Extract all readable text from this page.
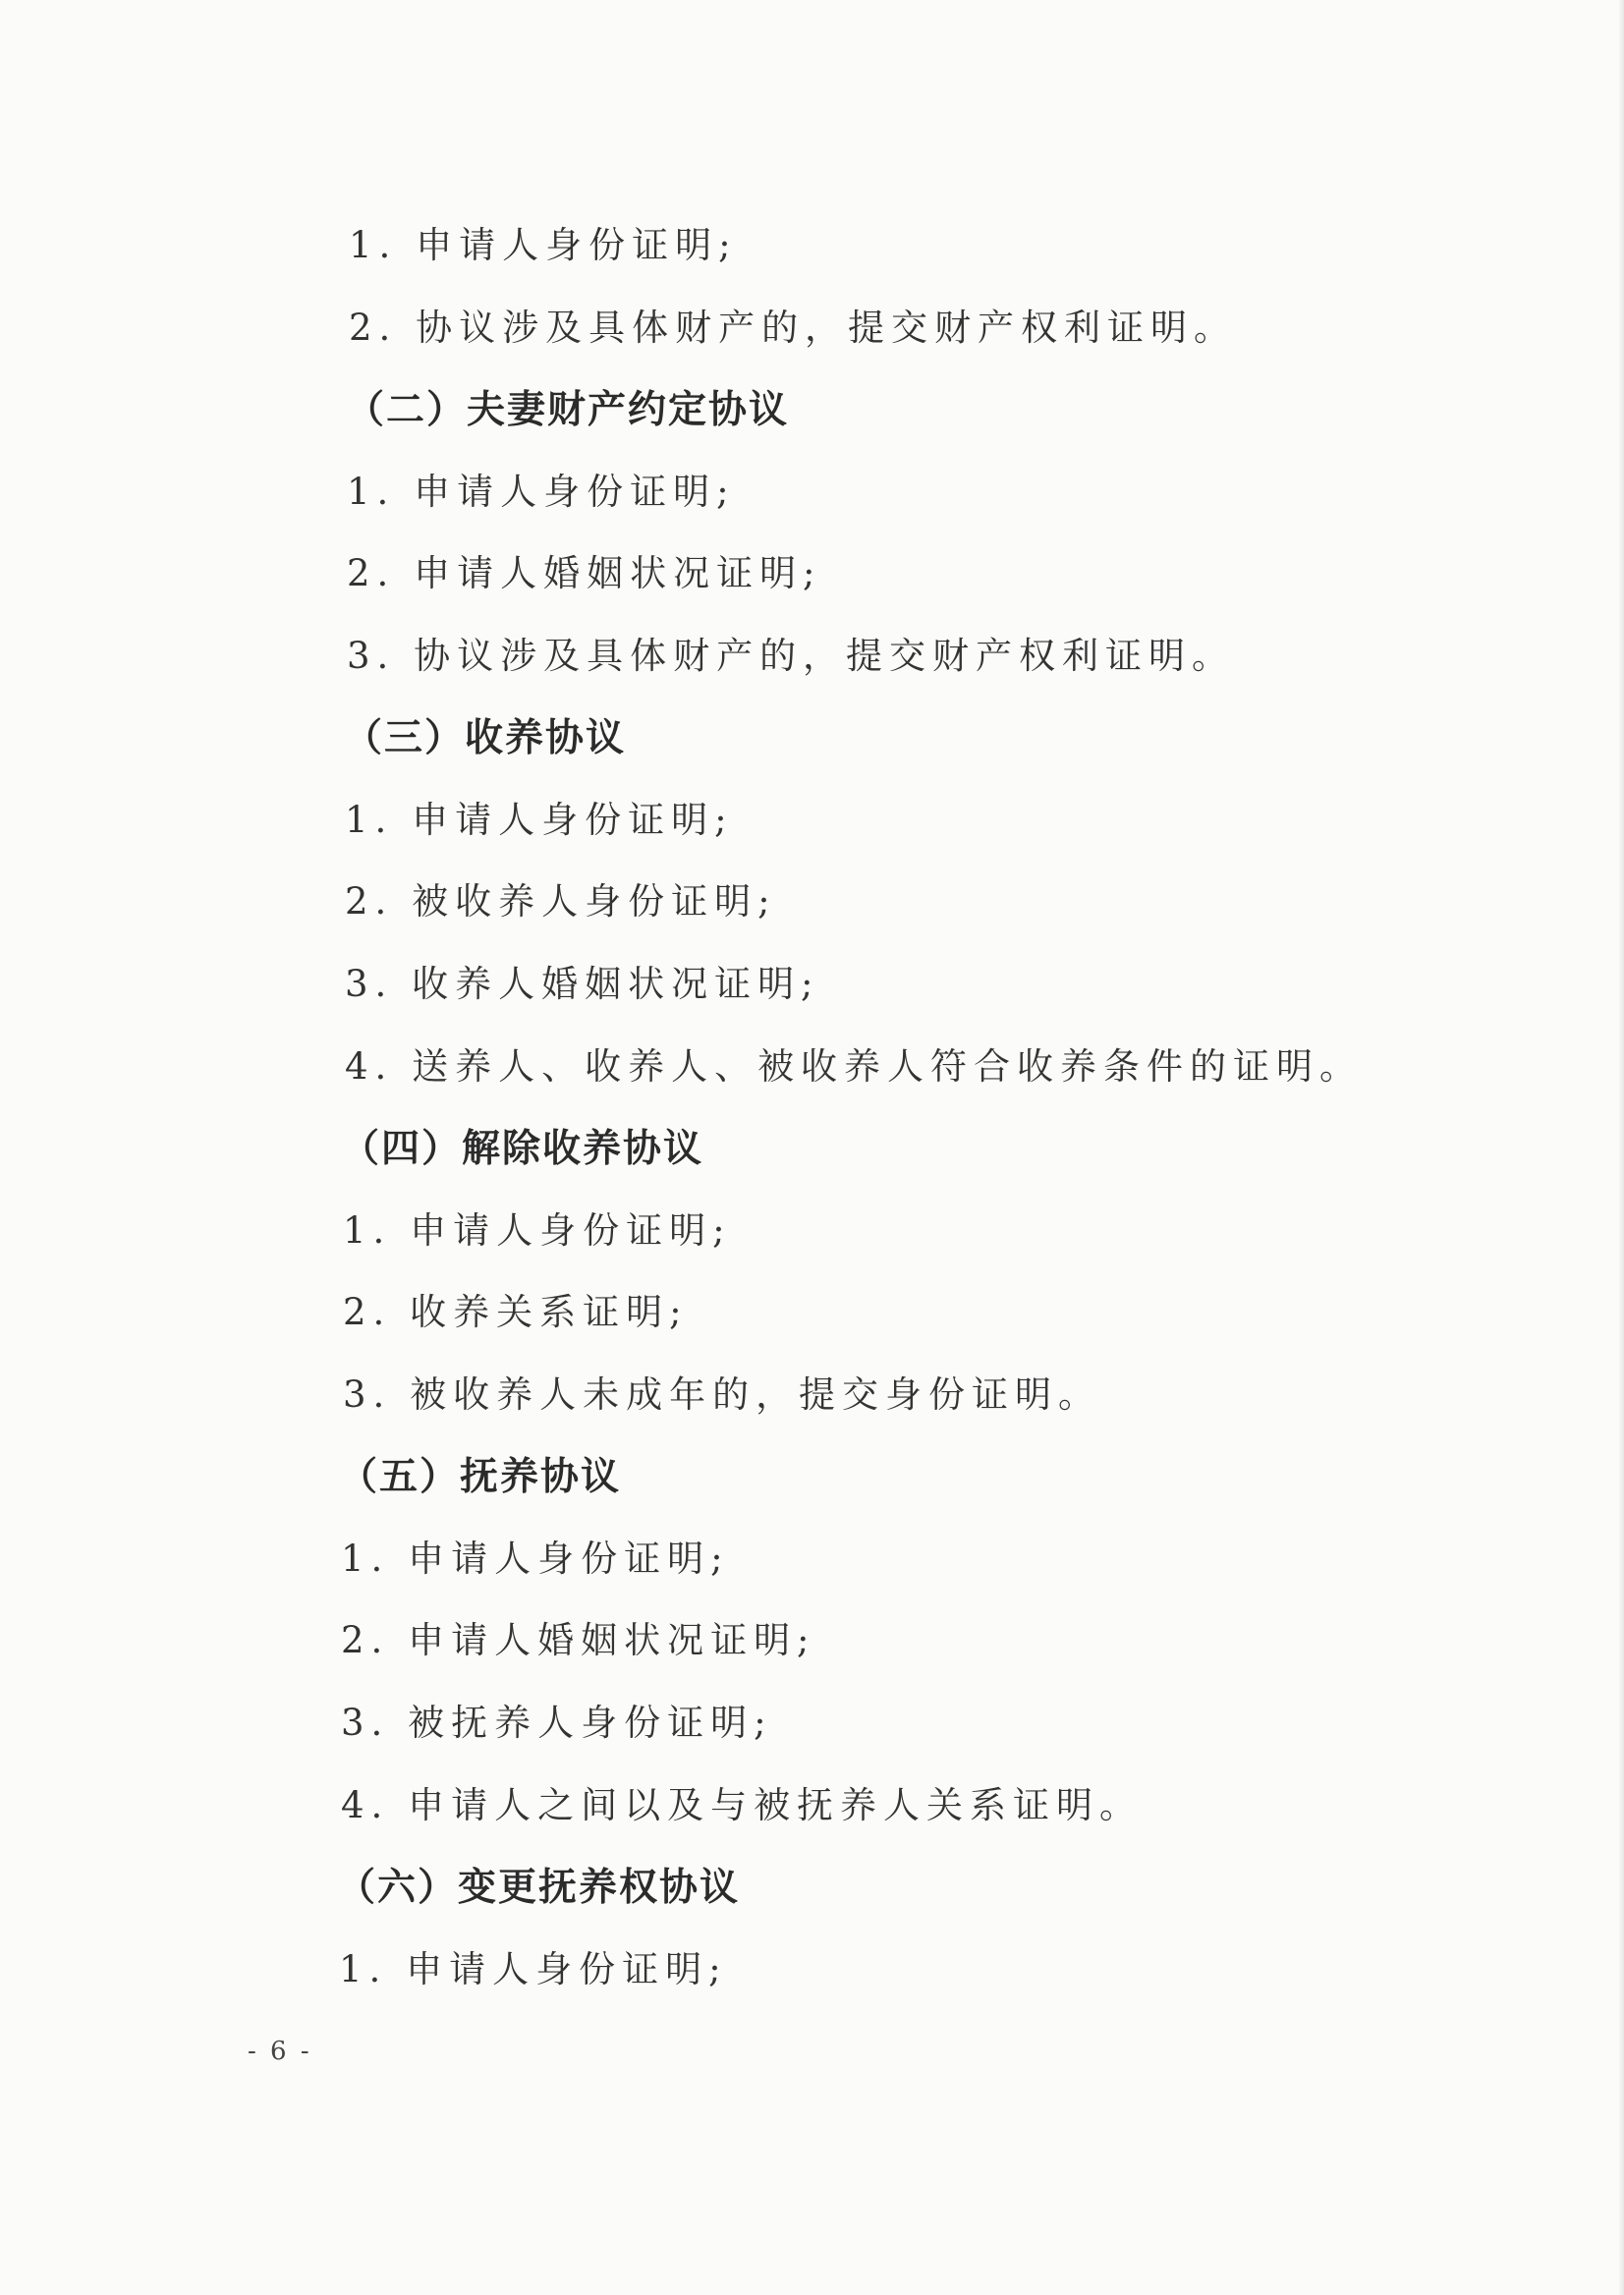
1. 申请人身份证明;
2. 协议涉及具体财产的，提交财产权利证明。
（二）夫妻财产约定协议
1. 申请人身份证明;
2. 申请人婚姻状况证明;
3. 协议涉及具体财产的，提交财产权利证明。
（三）收养协议
1. 申请人身份证明;
2. 被收养人身份证明;
3. 收养人婚姻状况证明;
4. 送养人、收养人、被收养人符合收养条件的证明。
（四）解除收养协议
1. 申请人身份证明;
2. 收养关系证明;
3. 被收养人未成年的，提交身份证明。
（五）抚养协议
1. 申请人身份证明;
2. 申请人婚姻状况证明;
3. 被抚养人身份证明;
4. 申请人之间以及与被抚养人关系证明。
（六）变更抚养权协议
1. 申请人身份证明;
- 6 -
